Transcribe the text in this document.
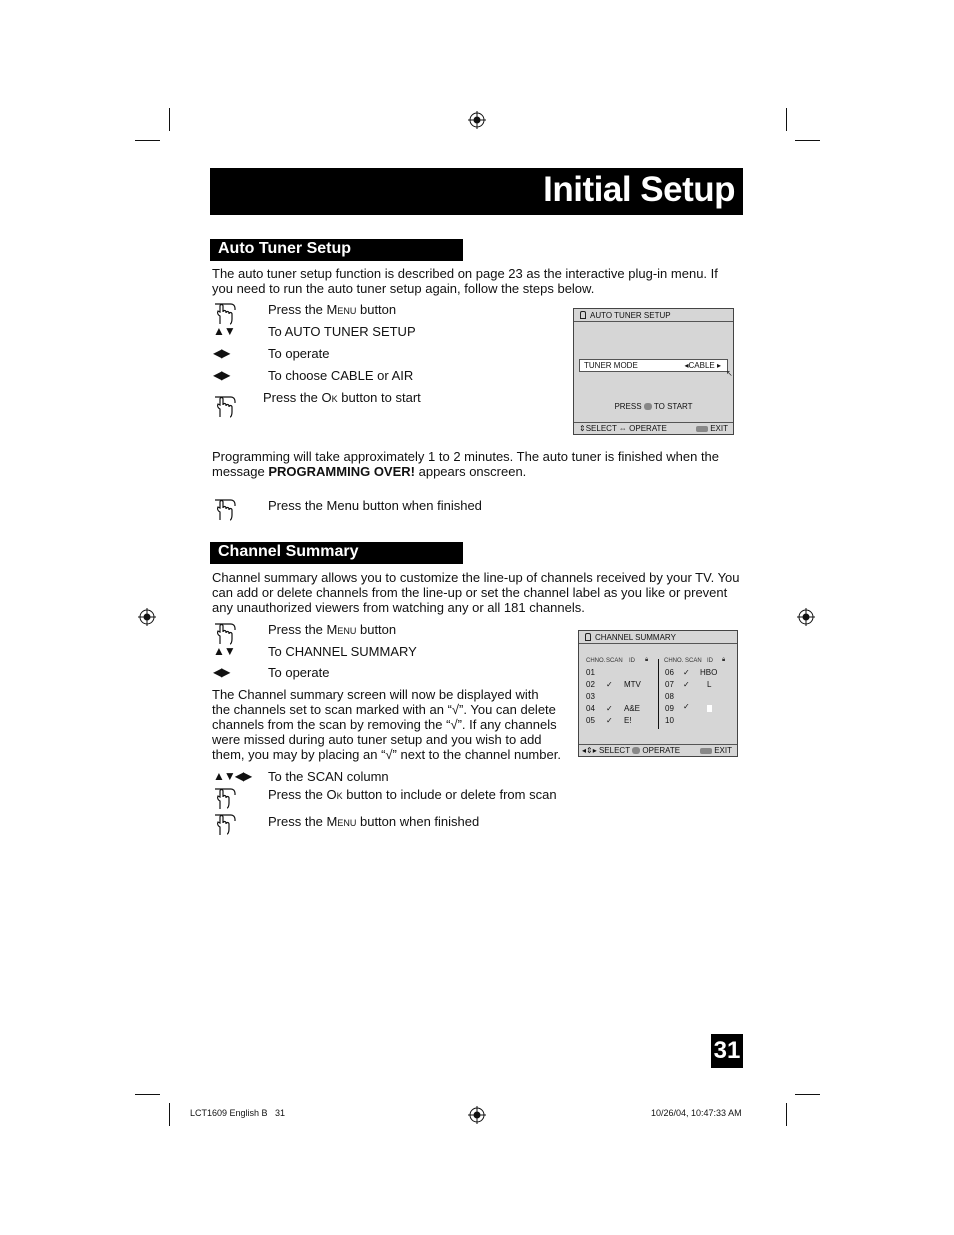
Initial Setup
Auto Tuner Setup
The auto tuner setup function is described on page 23 as the interactive plug-in menu. If you need to run the auto tuner setup again, follow the steps below.
Press the Menu button
▲▼	To AUTO TUNER SETUP
◀▶	To operate
◀▶	To choose CABLE or AIR
Press the Ok button to start
AUTO TUNER SETUP
TUNER MODE	◂CABLE ▸
↖
PRESS TO START
⇕SELECT ⇔ OPERATE	EXIT
Programming will take approximately 1 to 2 minutes. The auto tuner is finished when the message PROGRAMMING OVER! appears onscreen.
Press the Menu button when finished
Channel Summary
Channel summary allows you to customize the line-up of channels received by your TV. You can add or delete channels from the line-up or set the channel label as you like or prevent any unauthorized viewers from watching any or all 181 channels.
Press the Menu button
▲▼	To CHANNEL SUMMARY
◀▶	To operate
The Channel summary screen will now be displayed with
the channels set to scan marked with an “√”. You can delete
channels from the scan by removing the “√”. If any channels
were missed during auto tuner setup and you wish to add
them, you may by placing an “√” next to the channel number.
▲▼◀▶ To the SCAN column
Press the Ok button to include or delete from scan
Press the Menu button when finished
CHANNEL SUMMARY
CHNO. SCAN ID 🔒︎	CHNO. SCAN ID 🔒︎
01
02 ✓ MTV
03
04 ✓ A&E
05 ✓ E!
06 ✓ HBO
07 ✓ L
08
09 ✓
10
◂⇕▸ SELECT OPERATE	EXIT
31
LCT1609 English B   31	10/26/04, 10:47:33 AM
